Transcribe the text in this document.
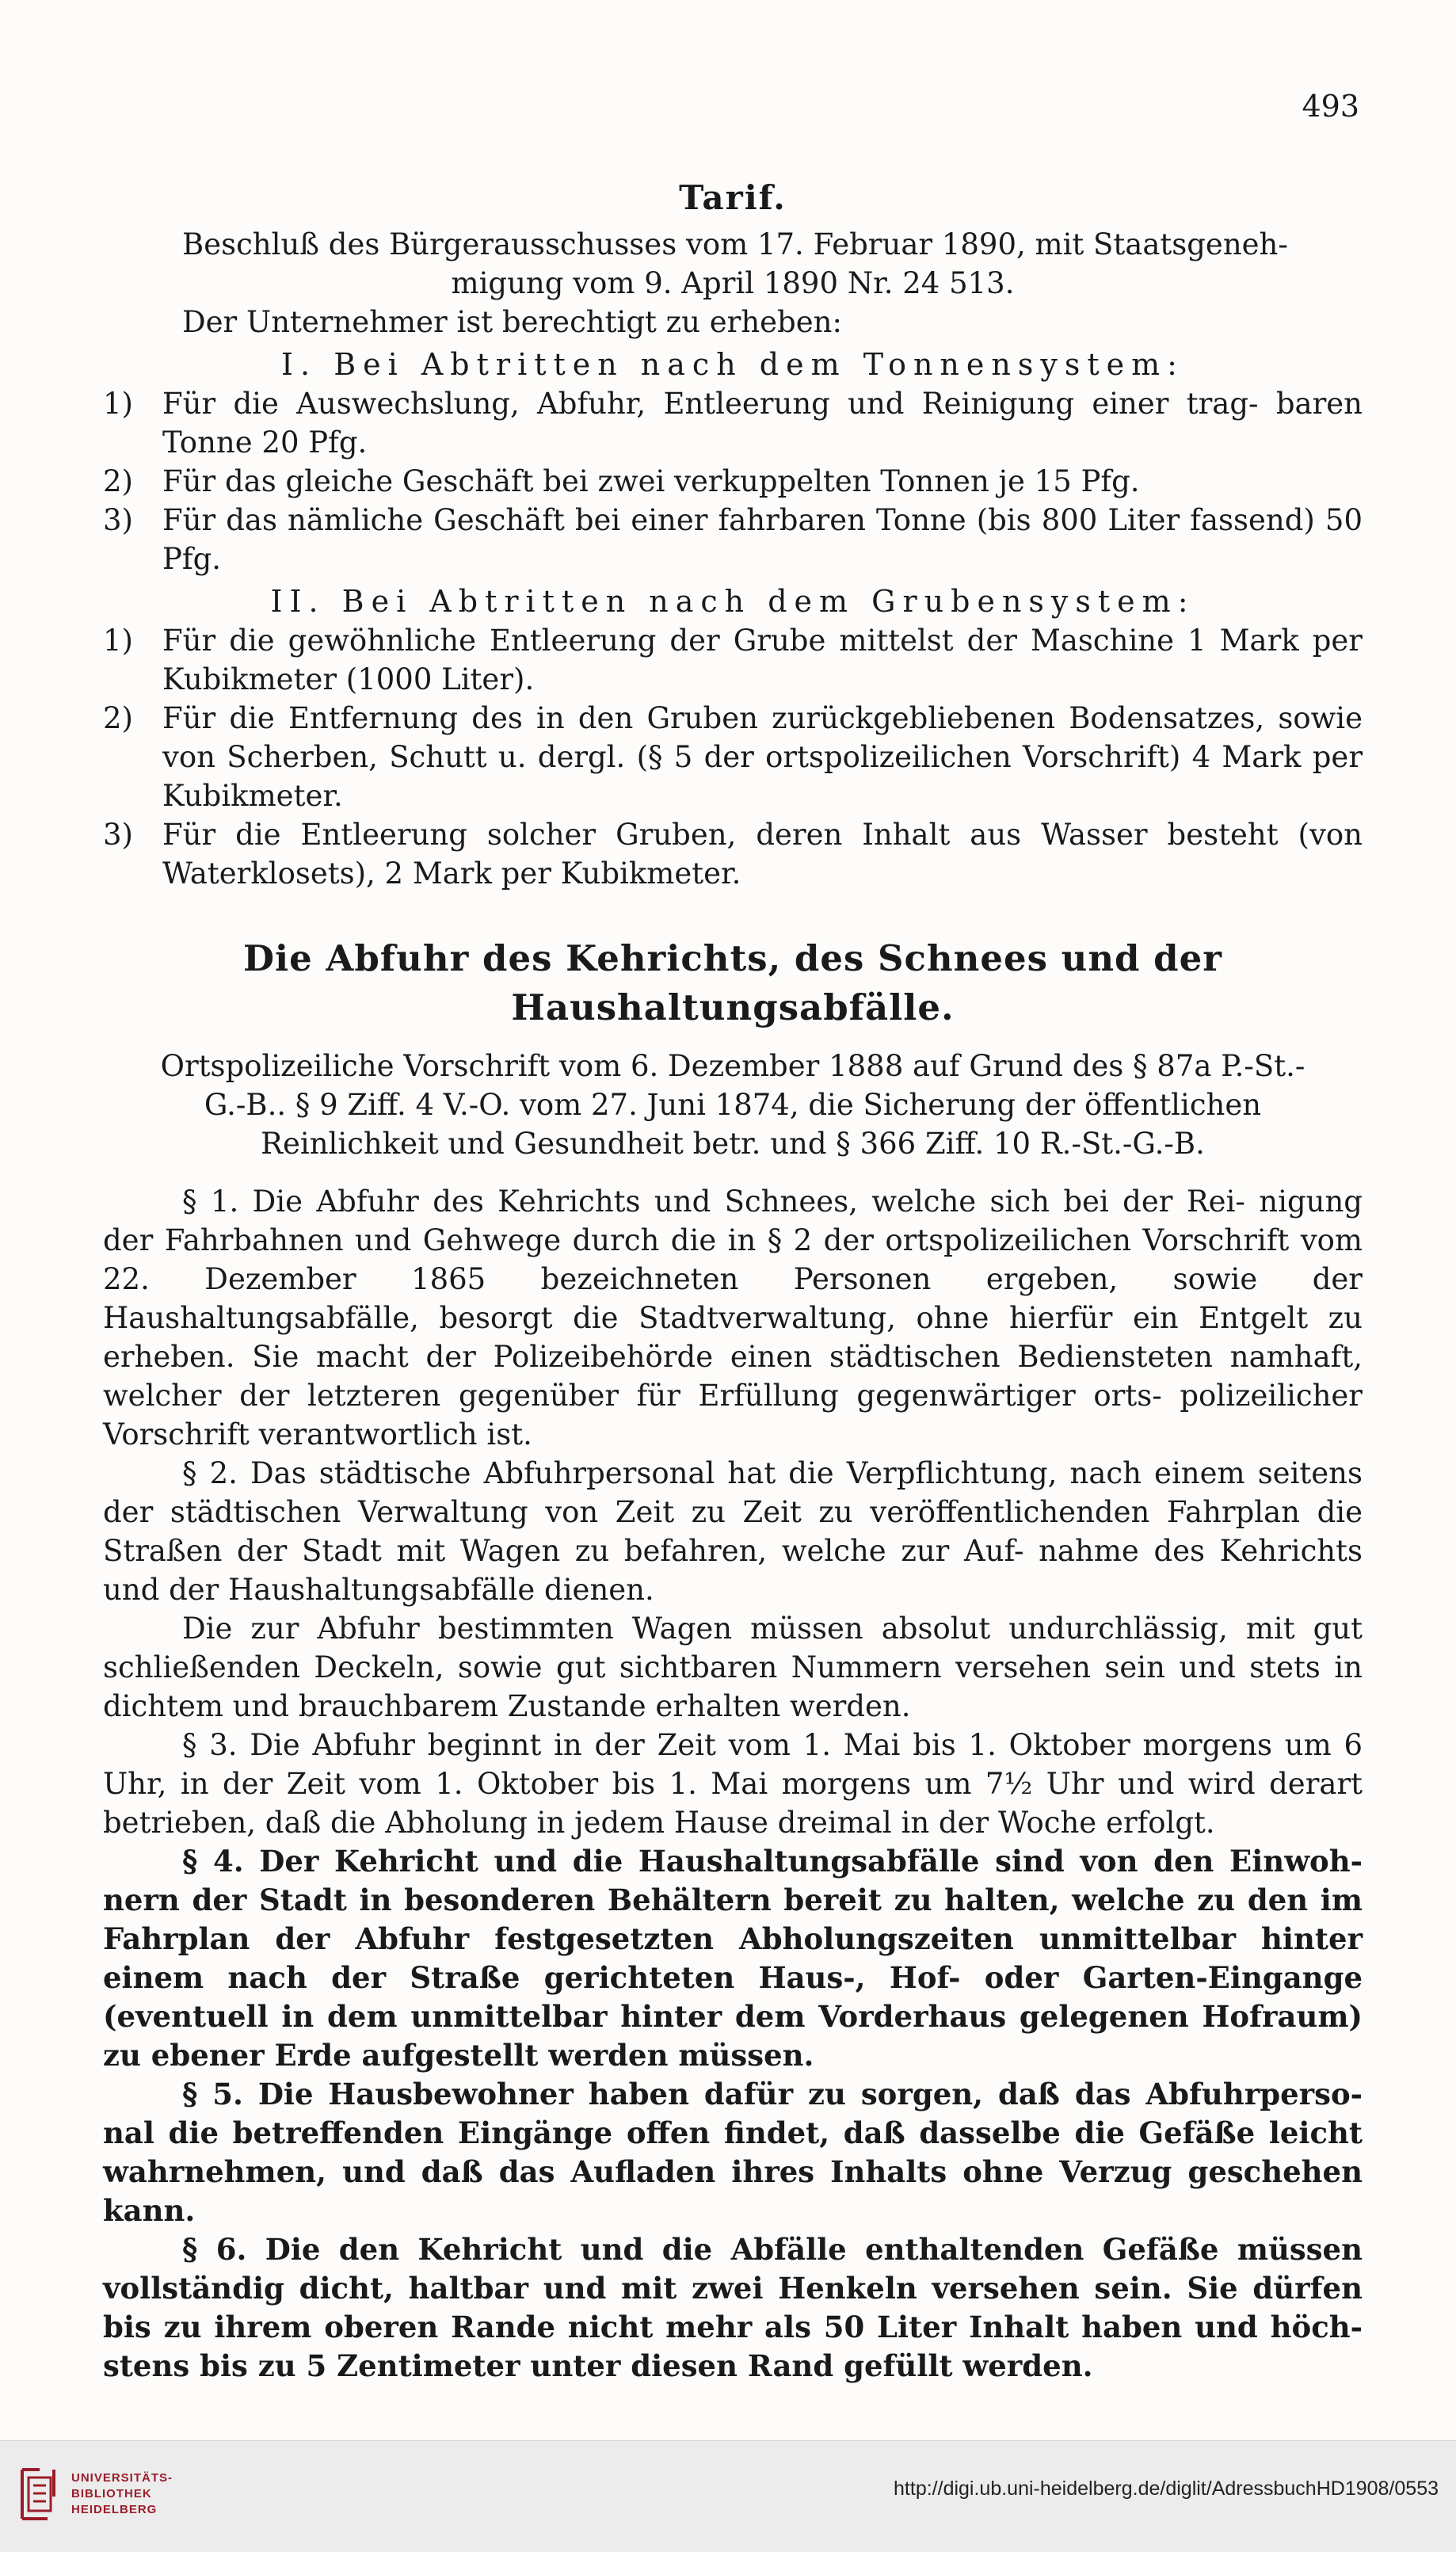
493
Tarif.
Beschluß des Bürgerausschusses vom 17. Februar 1890, mit Staatsgeneh-
migung vom 9. April 1890 Nr. 24 513.
Der Unternehmer ist berechtigt zu erheben:
I. Bei Abtritten nach dem Tonnensystem:
1)	Für die Auswechslung, Abfuhr, Entleerung und Reinigung einer trag- baren Tonne 20 Pfg.
2)	Für das gleiche Geschäft bei zwei verkuppelten Tonnen je 15 Pfg.
3)	Für das nämliche Geschäft bei einer fahrbaren Tonne (bis 800 Liter fassend) 50 Pfg.
II. Bei Abtritten nach dem Grubensystem:
1)	Für die gewöhnliche Entleerung der Grube mittelst der Maschine 1 Mark per Kubikmeter (1000 Liter).
2)	Für die Entfernung des in den Gruben zurückgebliebenen Bodensatzes, sowie von Scherben, Schutt u. dergl. (§ 5 der ortspolizeilichen Vorschrift) 4 Mark per Kubikmeter.
3)	Für die Entleerung solcher Gruben, deren Inhalt aus Wasser besteht (von Waterklosets), 2 Mark per Kubikmeter.
Die Abfuhr des Kehrichts, des Schnees und der
Haushaltungsabfälle.
Ortspolizeiliche Vorschrift vom 6. Dezember 1888 auf Grund des § 87a P.-St.-
G.-B.. § 9 Ziff. 4 V.-O. vom 27. Juni 1874, die Sicherung der öffentlichen
Reinlichkeit und Gesundheit betr. und § 366 Ziff. 10 R.-St.-G.-B.

§ 1. Die Abfuhr des Kehrichts und Schnees, welche sich bei der Rei- nigung der Fahrbahnen und Gehwege durch die in § 2 der ortspolizeilichen Vorschrift vom 22. Dezember 1865 bezeichneten Personen ergeben, sowie der Haushaltungsabfälle, besorgt die Stadtverwaltung, ohne hierfür ein Entgelt zu erheben. Sie macht der Polizeibehörde einen städtischen Bediensteten namhaft, welcher der letzteren gegenüber für Erfüllung gegenwärtiger orts- polizeilicher Vorschrift verantwortlich ist.

§ 2. Das städtische Abfuhrpersonal hat die Verpflichtung, nach einem seitens der städtischen Verwaltung von Zeit zu Zeit zu veröffentlichenden Fahrplan die Straßen der Stadt mit Wagen zu befahren, welche zur Auf- nahme des Kehrichts und der Haushaltungsabfälle dienen.

Die zur Abfuhr bestimmten Wagen müssen absolut undurchlässig, mit gut schließenden Deckeln, sowie gut sichtbaren Nummern versehen sein und stets in dichtem und brauchbarem Zustande erhalten werden.

§ 3. Die Abfuhr beginnt in der Zeit vom 1. Mai bis 1. Oktober morgens um 6 Uhr, in der Zeit vom 1. Oktober bis 1. Mai morgens um 7½ Uhr und wird derart betrieben, daß die Abholung in jedem Hause dreimal in der Woche erfolgt.

§ 4. Der Kehricht und die Haushaltungsabfälle sind von den Einwoh- nern der Stadt in besonderen Behältern bereit zu halten, welche zu den im Fahrplan der Abfuhr festgesetzten Abholungszeiten unmittelbar hinter einem nach der Straße gerichteten Haus-, Hof- oder Garten-Eingange (eventuell in dem unmittelbar hinter dem Vorderhaus gelegenen Hofraum) zu ebener Erde aufgestellt werden müssen.

§ 5. Die Hausbewohner haben dafür zu sorgen, daß das Abfuhrperso- nal die betreffenden Eingänge offen findet, daß dasselbe die Gefäße leicht wahrnehmen, und daß das Aufladen ihres Inhalts ohne Verzug geschehen kann.

§ 6. Die den Kehricht und die Abfälle enthaltenden Gefäße müssen vollständig dicht, haltbar und mit zwei Henkeln versehen sein. Sie dürfen bis zu ihrem oberen Rande nicht mehr als 50 Liter Inhalt haben und höch- stens bis zu 5 Zentimeter unter diesen Rand gefüllt werden.

UNIVERSITÄTS-
BIBLIOTHEK
HEIDELBERG
http://digi.ub.uni-heidelberg.de/diglit/AdressbuchHD1908/0553
